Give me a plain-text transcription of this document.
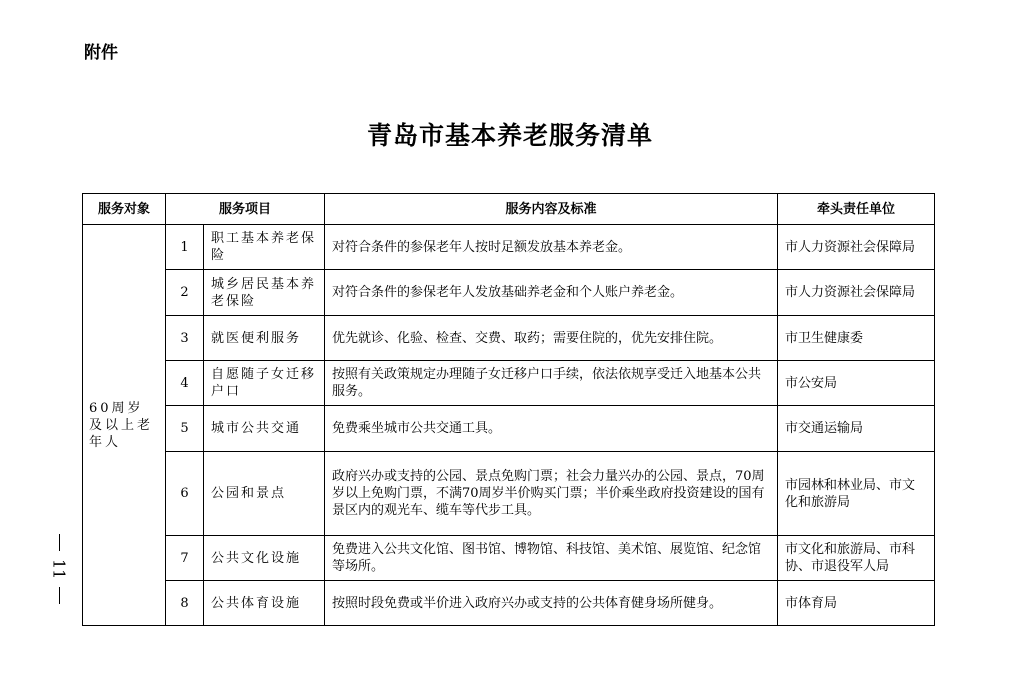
附件
青岛市基本养老服务清单
11
服务对象	服务项目		服务内容及标准	牵头责任单位
60周岁及以上老年人	1	职工基本养老保险	对符合条件的参保老年人按时足额发放基本养老金。	市人力资源社会保障局
	2	城乡居民基本养老保险	对符合条件的参保老年人发放基础养老金和个人账户养老金。	市人力资源社会保障局
	3	就医便利服务	优先就诊、化验、检查、交费、取药；需要住院的，优先安排住院。	市卫生健康委
	4	自愿随子女迁移户口	按照有关政策规定办理随子女迁移户口手续，依法依规享受迁入地基本公共服务。	市公安局
	5	城市公共交通	免费乘坐城市公共交通工具。	市交通运输局
	6	公园和景点	政府兴办或支持的公园、景点免购门票；社会力量兴办的公园、景点，70周岁以上免购门票，不满70周岁半价购买门票；半价乘坐政府投资建设的国有景区内的观光车、缆车等代步工具。	市园林和林业局、市文化和旅游局
	7	公共文化设施	免费进入公共文化馆、图书馆、博物馆、科技馆、美术馆、展览馆、纪念馆等场所。	市文化和旅游局、市科协、市退役军人局
	8	公共体育设施	按照时段免费或半价进入政府兴办或支持的公共体育健身场所健身。	市体育局
